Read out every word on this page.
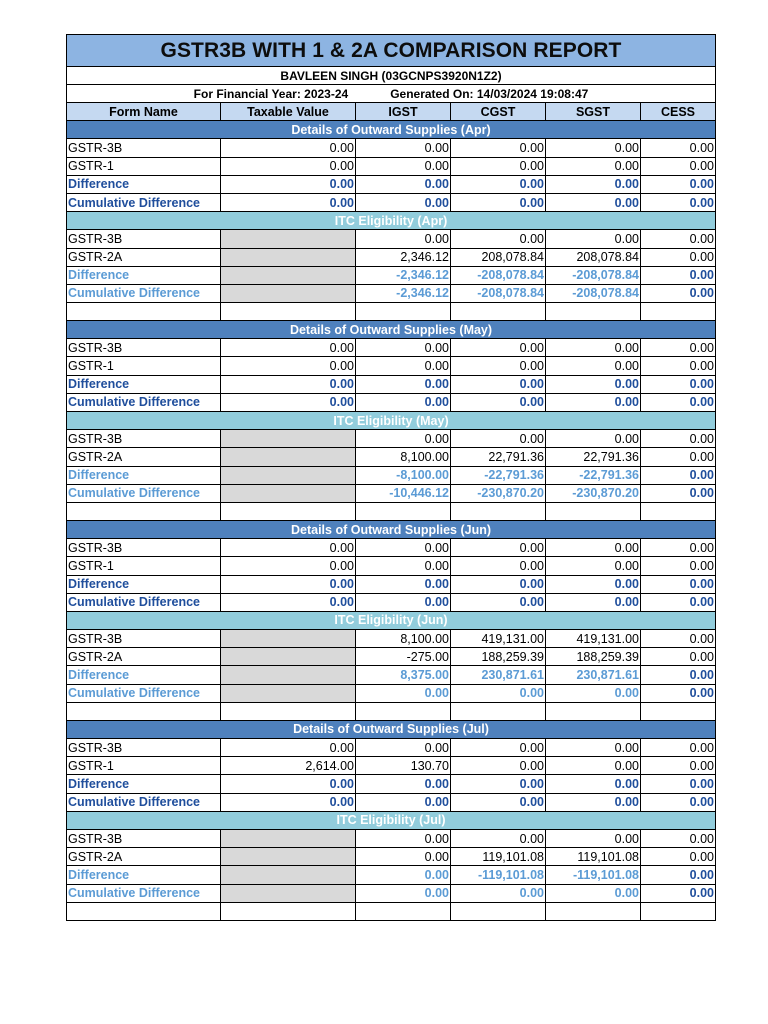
GSTR3B WITH 1 & 2A COMPARISON REPORT					
BAVLEEN SINGH (03GCNPS3920N1Z2)					
For Financial Year: 2023-24 Generated On: 14/03/2024 19:08:47					
Form Name	Taxable Value	IGST	CGST	SGST	CESS
Details of Outward Supplies (Apr)					
GSTR-3B	0.00	0.00	0.00	0.00	0.00
GSTR-1	0.00	0.00	0.00	0.00	0.00
Difference	0.00	0.00	0.00	0.00	0.00
Cumulative Difference	0.00	0.00	0.00	0.00	0.00
ITC Eligibility (Apr)					
GSTR-3B		0.00	0.00	0.00	0.00
GSTR-2A		2,346.12	208,078.84	208,078.84	0.00
Difference		-2,346.12	-208,078.84	-208,078.84	0.00
Cumulative Difference		-2,346.12	-208,078.84	-208,078.84	0.00

Details of Outward Supplies (May)					
GSTR-3B	0.00	0.00	0.00	0.00	0.00
GSTR-1	0.00	0.00	0.00	0.00	0.00
Difference	0.00	0.00	0.00	0.00	0.00
Cumulative Difference	0.00	0.00	0.00	0.00	0.00
ITC Eligibility (May)					
GSTR-3B		0.00	0.00	0.00	0.00
GSTR-2A		8,100.00	22,791.36	22,791.36	0.00
Difference		-8,100.00	-22,791.36	-22,791.36	0.00
Cumulative Difference		-10,446.12	-230,870.20	-230,870.20	0.00

Details of Outward Supplies (Jun)					
GSTR-3B	0.00	0.00	0.00	0.00	0.00
GSTR-1	0.00	0.00	0.00	0.00	0.00
Difference	0.00	0.00	0.00	0.00	0.00
Cumulative Difference	0.00	0.00	0.00	0.00	0.00
ITC Eligibility (Jun)					
GSTR-3B		8,100.00	419,131.00	419,131.00	0.00
GSTR-2A		-275.00	188,259.39	188,259.39	0.00
Difference		8,375.00	230,871.61	230,871.61	0.00
Cumulative Difference		0.00	0.00	0.00	0.00

Details of Outward Supplies (Jul)					
GSTR-3B	0.00	0.00	0.00	0.00	0.00
GSTR-1	2,614.00	130.70	0.00	0.00	0.00
Difference	0.00	0.00	0.00	0.00	0.00
Cumulative Difference	0.00	0.00	0.00	0.00	0.00
ITC Eligibility (Jul)					
GSTR-3B		0.00	0.00	0.00	0.00
GSTR-2A		0.00	119,101.08	119,101.08	0.00
Difference		0.00	-119,101.08	-119,101.08	0.00
Cumulative Difference		0.00	0.00	0.00	0.00
